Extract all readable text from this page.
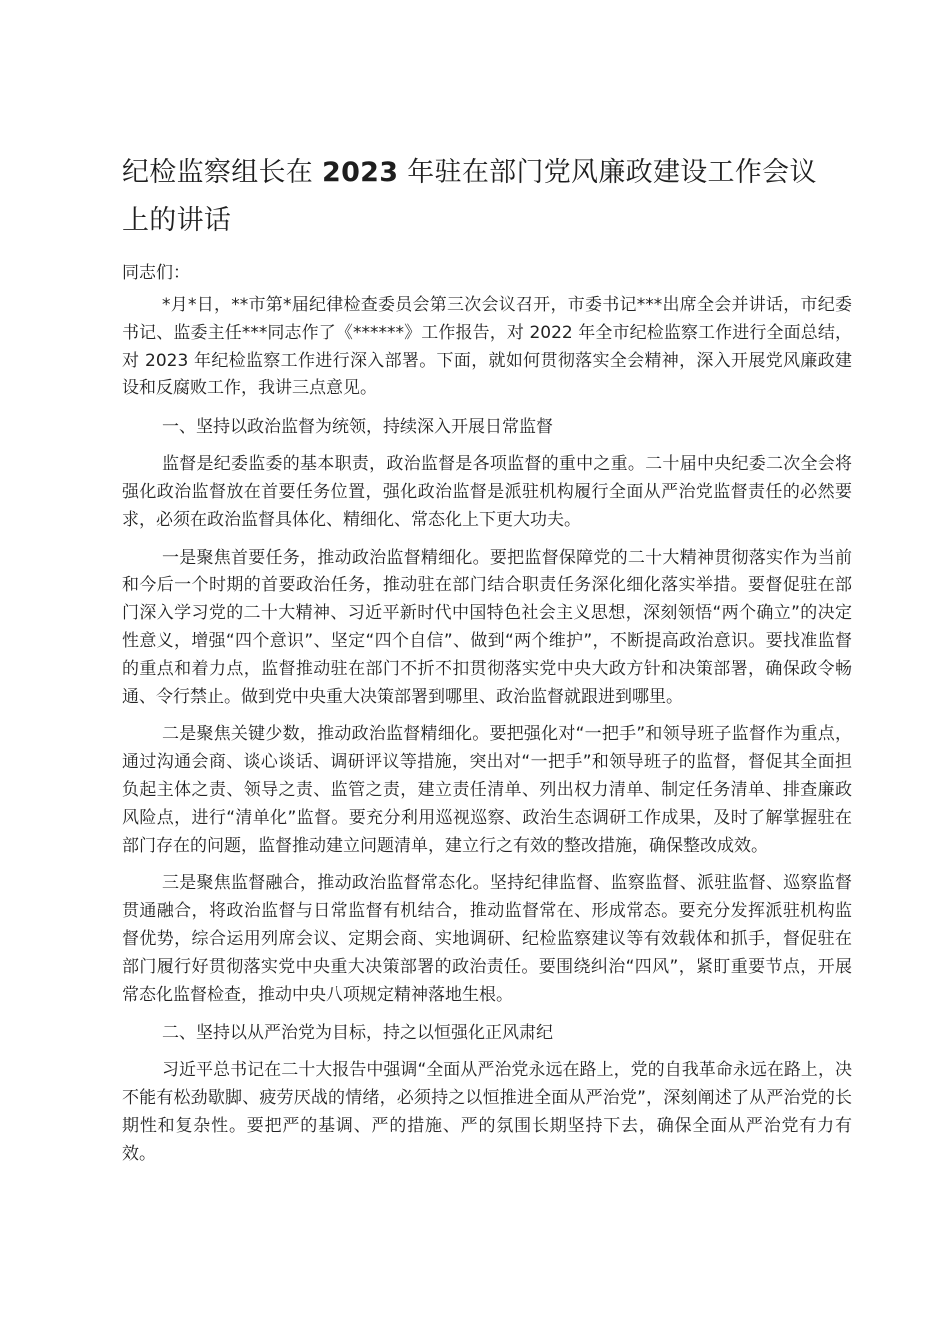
纪检监察组长在 2023 年驻在部门党风廉政建设工作会议上的讲话

同志们：

*月*日，**市第*届纪律检查委员会第三次会议召开，市委书记***出席全会并讲话，市纪委书记、监委主任***同志作了《******》工作报告，对 2022 年全市纪检监察工作进行全面总结，对 2023 年纪检监察工作进行深入部署。下面，就如何贯彻落实全会精神，深入开展党风廉政建设和反腐败工作，我讲三点意见。

一、坚持以政治监督为统领，持续深入开展日常监督

监督是纪委监委的基本职责，政治监督是各项监督的重中之重。二十届中央纪委二次全会将强化政治监督放在首要任务位置，强化政治监督是派驻机构履行全面从严治党监督责任的必然要求，必须在政治监督具体化、精细化、常态化上下更大功夫。

一是聚焦首要任务，推动政治监督精细化。要把监督保障党的二十大精神贯彻落实作为当前和今后一个时期的首要政治任务，推动驻在部门结合职责任务深化细化落实举措。要督促驻在部门深入学习党的二十大精神、习近平新时代中国特色社会主义思想，深刻领悟“两个确立”的决定性意义，增强“四个意识”、坚定“四个自信”、做到“两个维护”，不断提高政治意识。要找准监督的重点和着力点，监督推动驻在部门不折不扣贯彻落实党中央大政方针和决策部署，确保政令畅通、令行禁止。做到党中央重大决策部署到哪里、政治监督就跟进到哪里。

二是聚焦关键少数，推动政治监督精细化。要把强化对“一把手”和领导班子监督作为重点，通过沟通会商、谈心谈话、调研评议等措施，突出对“一把手”和领导班子的监督，督促其全面担负起主体之责、领导之责、监管之责，建立责任清单、列出权力清单、制定任务清单、排查廉政风险点，进行“清单化”监督。要充分利用巡视巡察、政治生态调研工作成果，及时了解掌握驻在部门存在的问题，监督推动建立问题清单，建立行之有效的整改措施，确保整改成效。

三是聚焦监督融合，推动政治监督常态化。坚持纪律监督、监察监督、派驻监督、巡察监督贯通融合，将政治监督与日常监督有机结合，推动监督常在、形成常态。要充分发挥派驻机构监督优势，综合运用列席会议、定期会商、实地调研、纪检监察建议等有效载体和抓手，督促驻在部门履行好贯彻落实党中央重大决策部署的政治责任。要围绕纠治“四风”，紧盯重要节点，开展常态化监督检查，推动中央八项规定精神落地生根。

二、坚持以从严治党为目标，持之以恒强化正风肃纪

习近平总书记在二十大报告中强调“全面从严治党永远在路上，党的自我革命永远在路上，决不能有松劲歇脚、疲劳厌战的情绪，必须持之以恒推进全面从严治党”，深刻阐述了从严治党的长期性和复杂性。要把严的基调、严的措施、严的氛围长期坚持下去，确保全面从严治党有力有效。
